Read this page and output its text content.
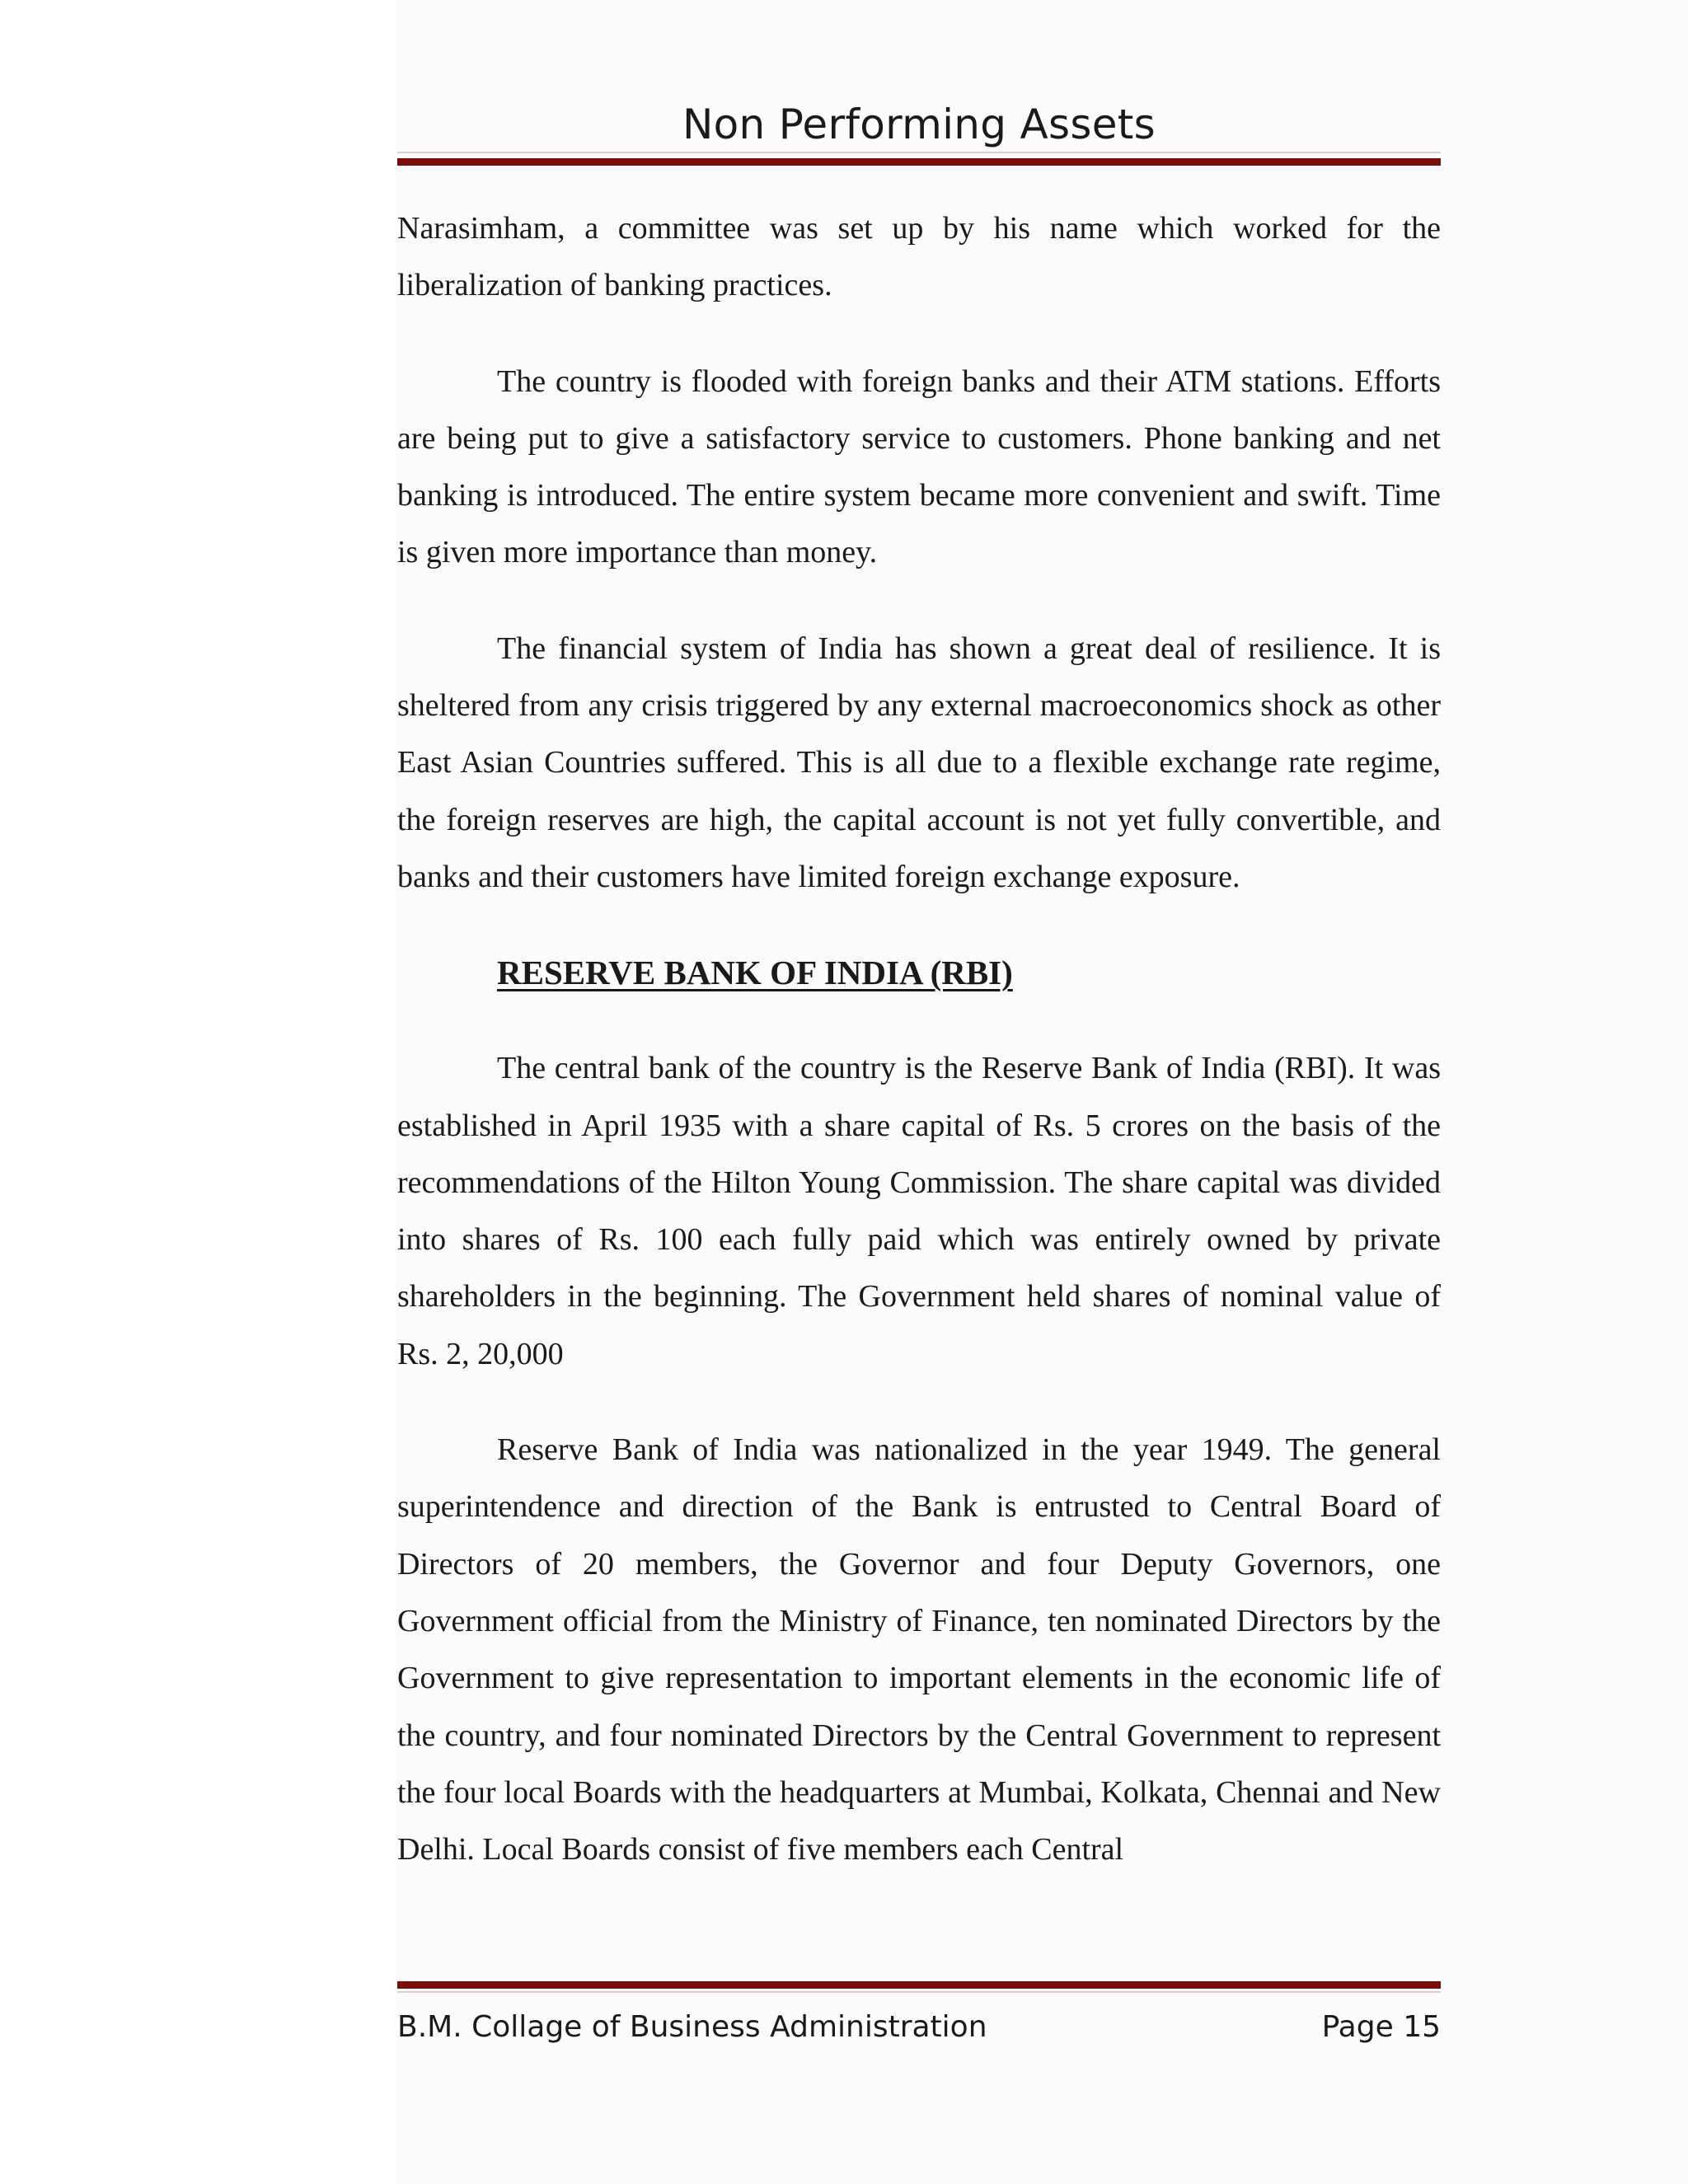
Non Performing Assets

Narasimham, a committee was set up by his name which worked for the liberalization of banking practices.

The country is flooded with foreign banks and their ATM stations. Efforts are being put to give a satisfactory service to customers. Phone banking and net banking is introduced. The entire system became more convenient and swift. Time is given more importance than money.

The financial system of India has shown a great deal of resilience. It is sheltered from any crisis triggered by any external macroeconomics shock as other East Asian Countries suffered. This is all due to a flexible exchange rate regime, the foreign reserves are high, the capital account is not yet fully convertible, and banks and their customers have limited foreign exchange exposure.

RESERVE BANK OF INDIA (RBI)

The central bank of the country is the Reserve Bank of India (RBI). It was established in April 1935 with a share capital of Rs. 5 crores on the basis of the recommendations of the Hilton Young Commission. The share capital was divided into shares of Rs. 100 each fully paid which was entirely owned by private shareholders in the beginning. The Government held shares of nominal value of Rs. 2, 20,000

Reserve Bank of India was nationalized in the year 1949. The general superintendence and direction of the Bank is entrusted to Central Board of Directors of 20 members, the Governor and four Deputy Governors, one Government official from the Ministry of Finance, ten nominated Directors by the Government to give representation to important elements in the economic life of the country, and four nominated Directors by the Central Government to represent the four local Boards with the headquarters at Mumbai, Kolkata, Chennai and New Delhi. Local Boards consist of five members each Central

B.M. Collage of Business Administration	Page 15
